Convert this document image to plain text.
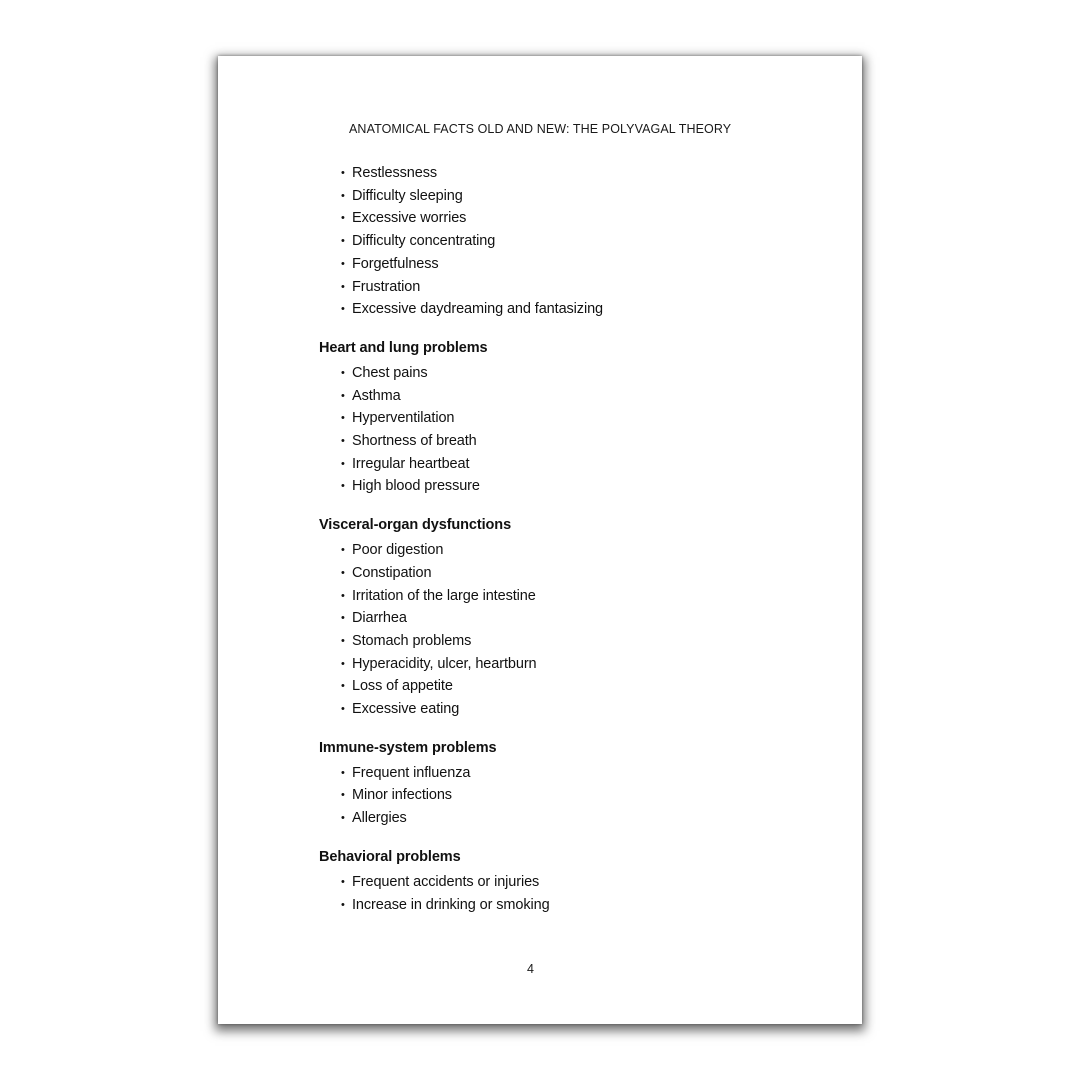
ANATOMICAL FACTS OLD AND NEW: THE POLYVAGAL THEORY
• Restlessness
• Difficulty sleeping
• Excessive worries
• Difficulty concentrating
• Forgetfulness
• Frustration
• Excessive daydreaming and fantasizing
Heart and lung problems
• Chest pains
• Asthma
• Hyperventilation
• Shortness of breath
• Irregular heartbeat
• High blood pressure
Visceral-organ dysfunctions
• Poor digestion
• Constipation
• Irritation of the large intestine
• Diarrhea
• Stomach problems
• Hyperacidity, ulcer, heartburn
• Loss of appetite
• Excessive eating
Immune-system problems
• Frequent influenza
• Minor infections
• Allergies
Behavioral problems
• Frequent accidents or injuries
• Increase in drinking or smoking
4
